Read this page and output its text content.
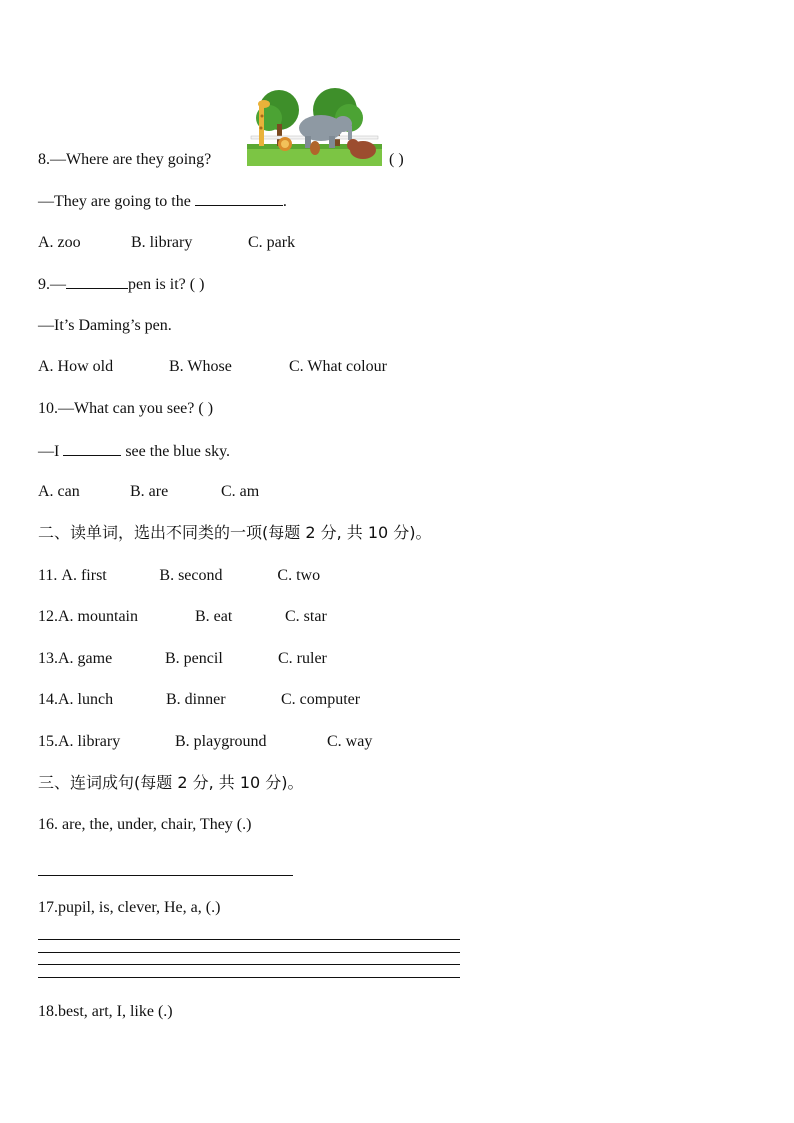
8.—Where are they going?	( )
—They are going to the	.
A. zoo	B. library	C. park
9.—	pen is it? ( )
—It’s Daming’s pen.
A. How old	B. Whose	C. What colour
10.—What can you see? ( )
—I	see the blue sky.
A. can	B. are	C. am
二、读单词，选出不同类的一项(每题 2 分, 共 10 分)。
11. A. first	B. second	C. two
12.A. mountain	B. eat	C. star
13.A. game	B. pencil	C. ruler
14.A. lunch	B. dinner	C. computer
15.A. library	B. playground	C. way
三、连词成句(每题 2 分, 共 10 分)。
16. are, the, under, chair, They (.)
17.pupil, is, clever, He, a, (.)
18.best, art, I, like (.)
